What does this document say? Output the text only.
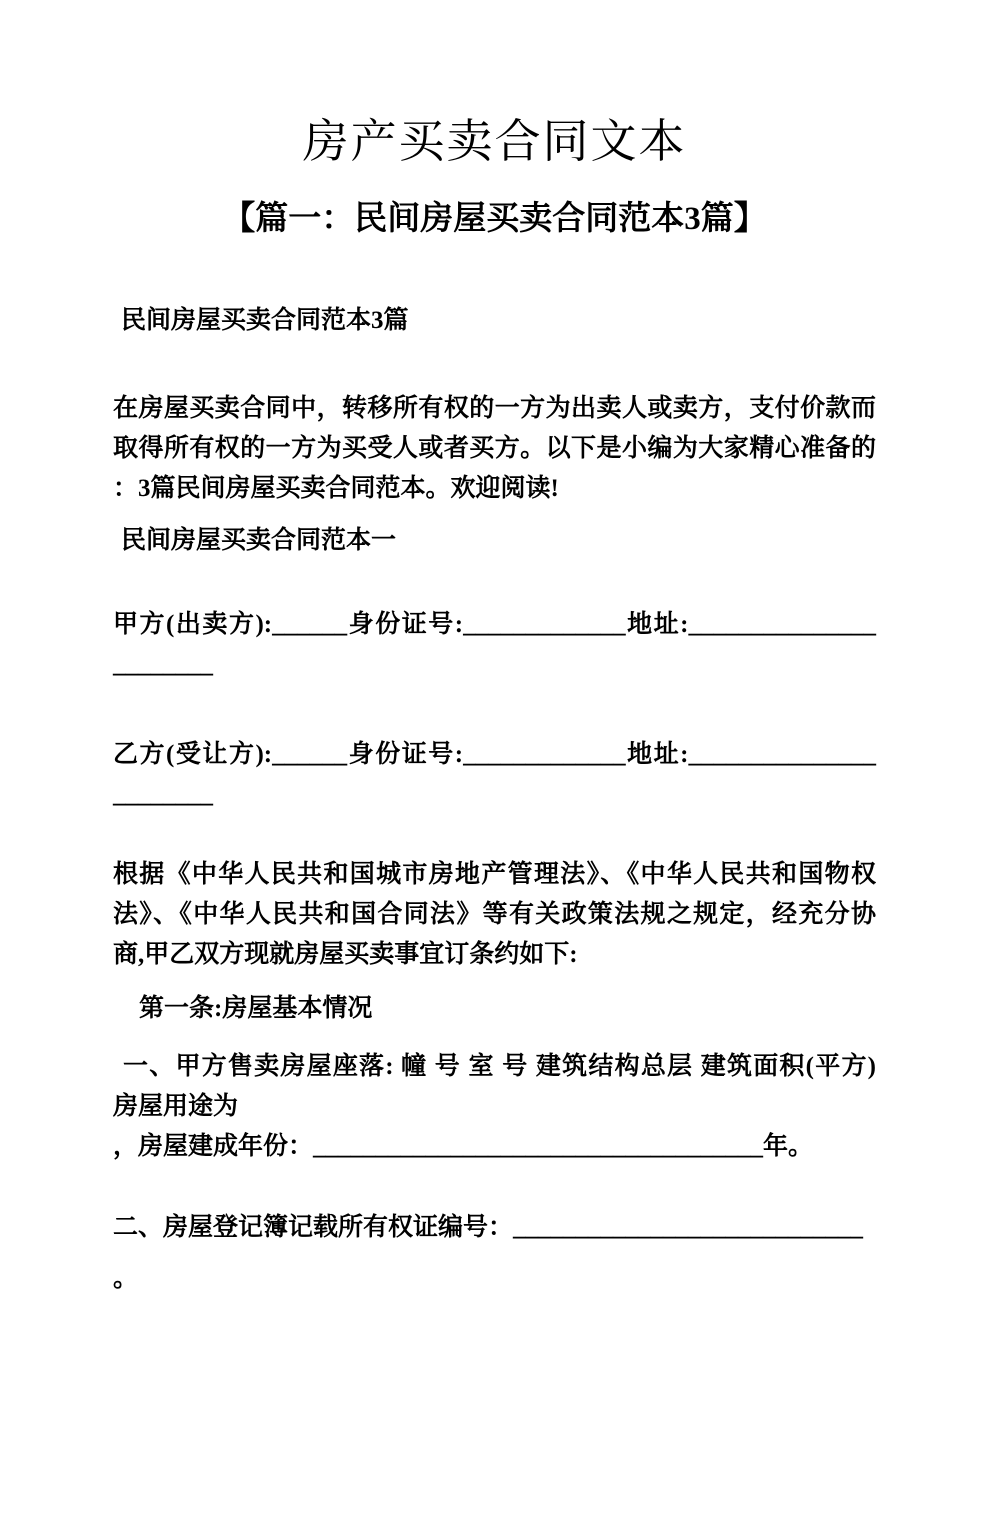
房产买卖合同文本
【篇一：民间房屋买卖合同范本3篇】

民间房屋买卖合同范本3篇

在房屋买卖合同中，转移所有权的一方为出卖人或卖方，支付价款而
取得所有权的一方为买受人或者买方。以下是小编为大家精心准备的
：3篇民间房屋买卖合同范本。欢迎阅读!

民间房屋买卖合同范本一

甲方(出卖方):______身份证号:_____________地址:_______________
________
乙方(受让方):______身份证号:_____________地址:_______________
________
根据《中华人民共和国城市房地产管理法》、《中华人民共和国物权
法》、《中华人民共和国合同法》等有关政策法规之规定，经充分协
商,甲乙双方现就房屋买卖事宜订条约如下:

第一条:房屋基本情况

一、甲方售卖房屋座落: 幢 号 室 号 建筑结构总层 建筑面积(平方)
房屋用途为
，房屋建成年份：____________________________________年。
二、房屋登记簿记载所有权证编号：____________________________
。
